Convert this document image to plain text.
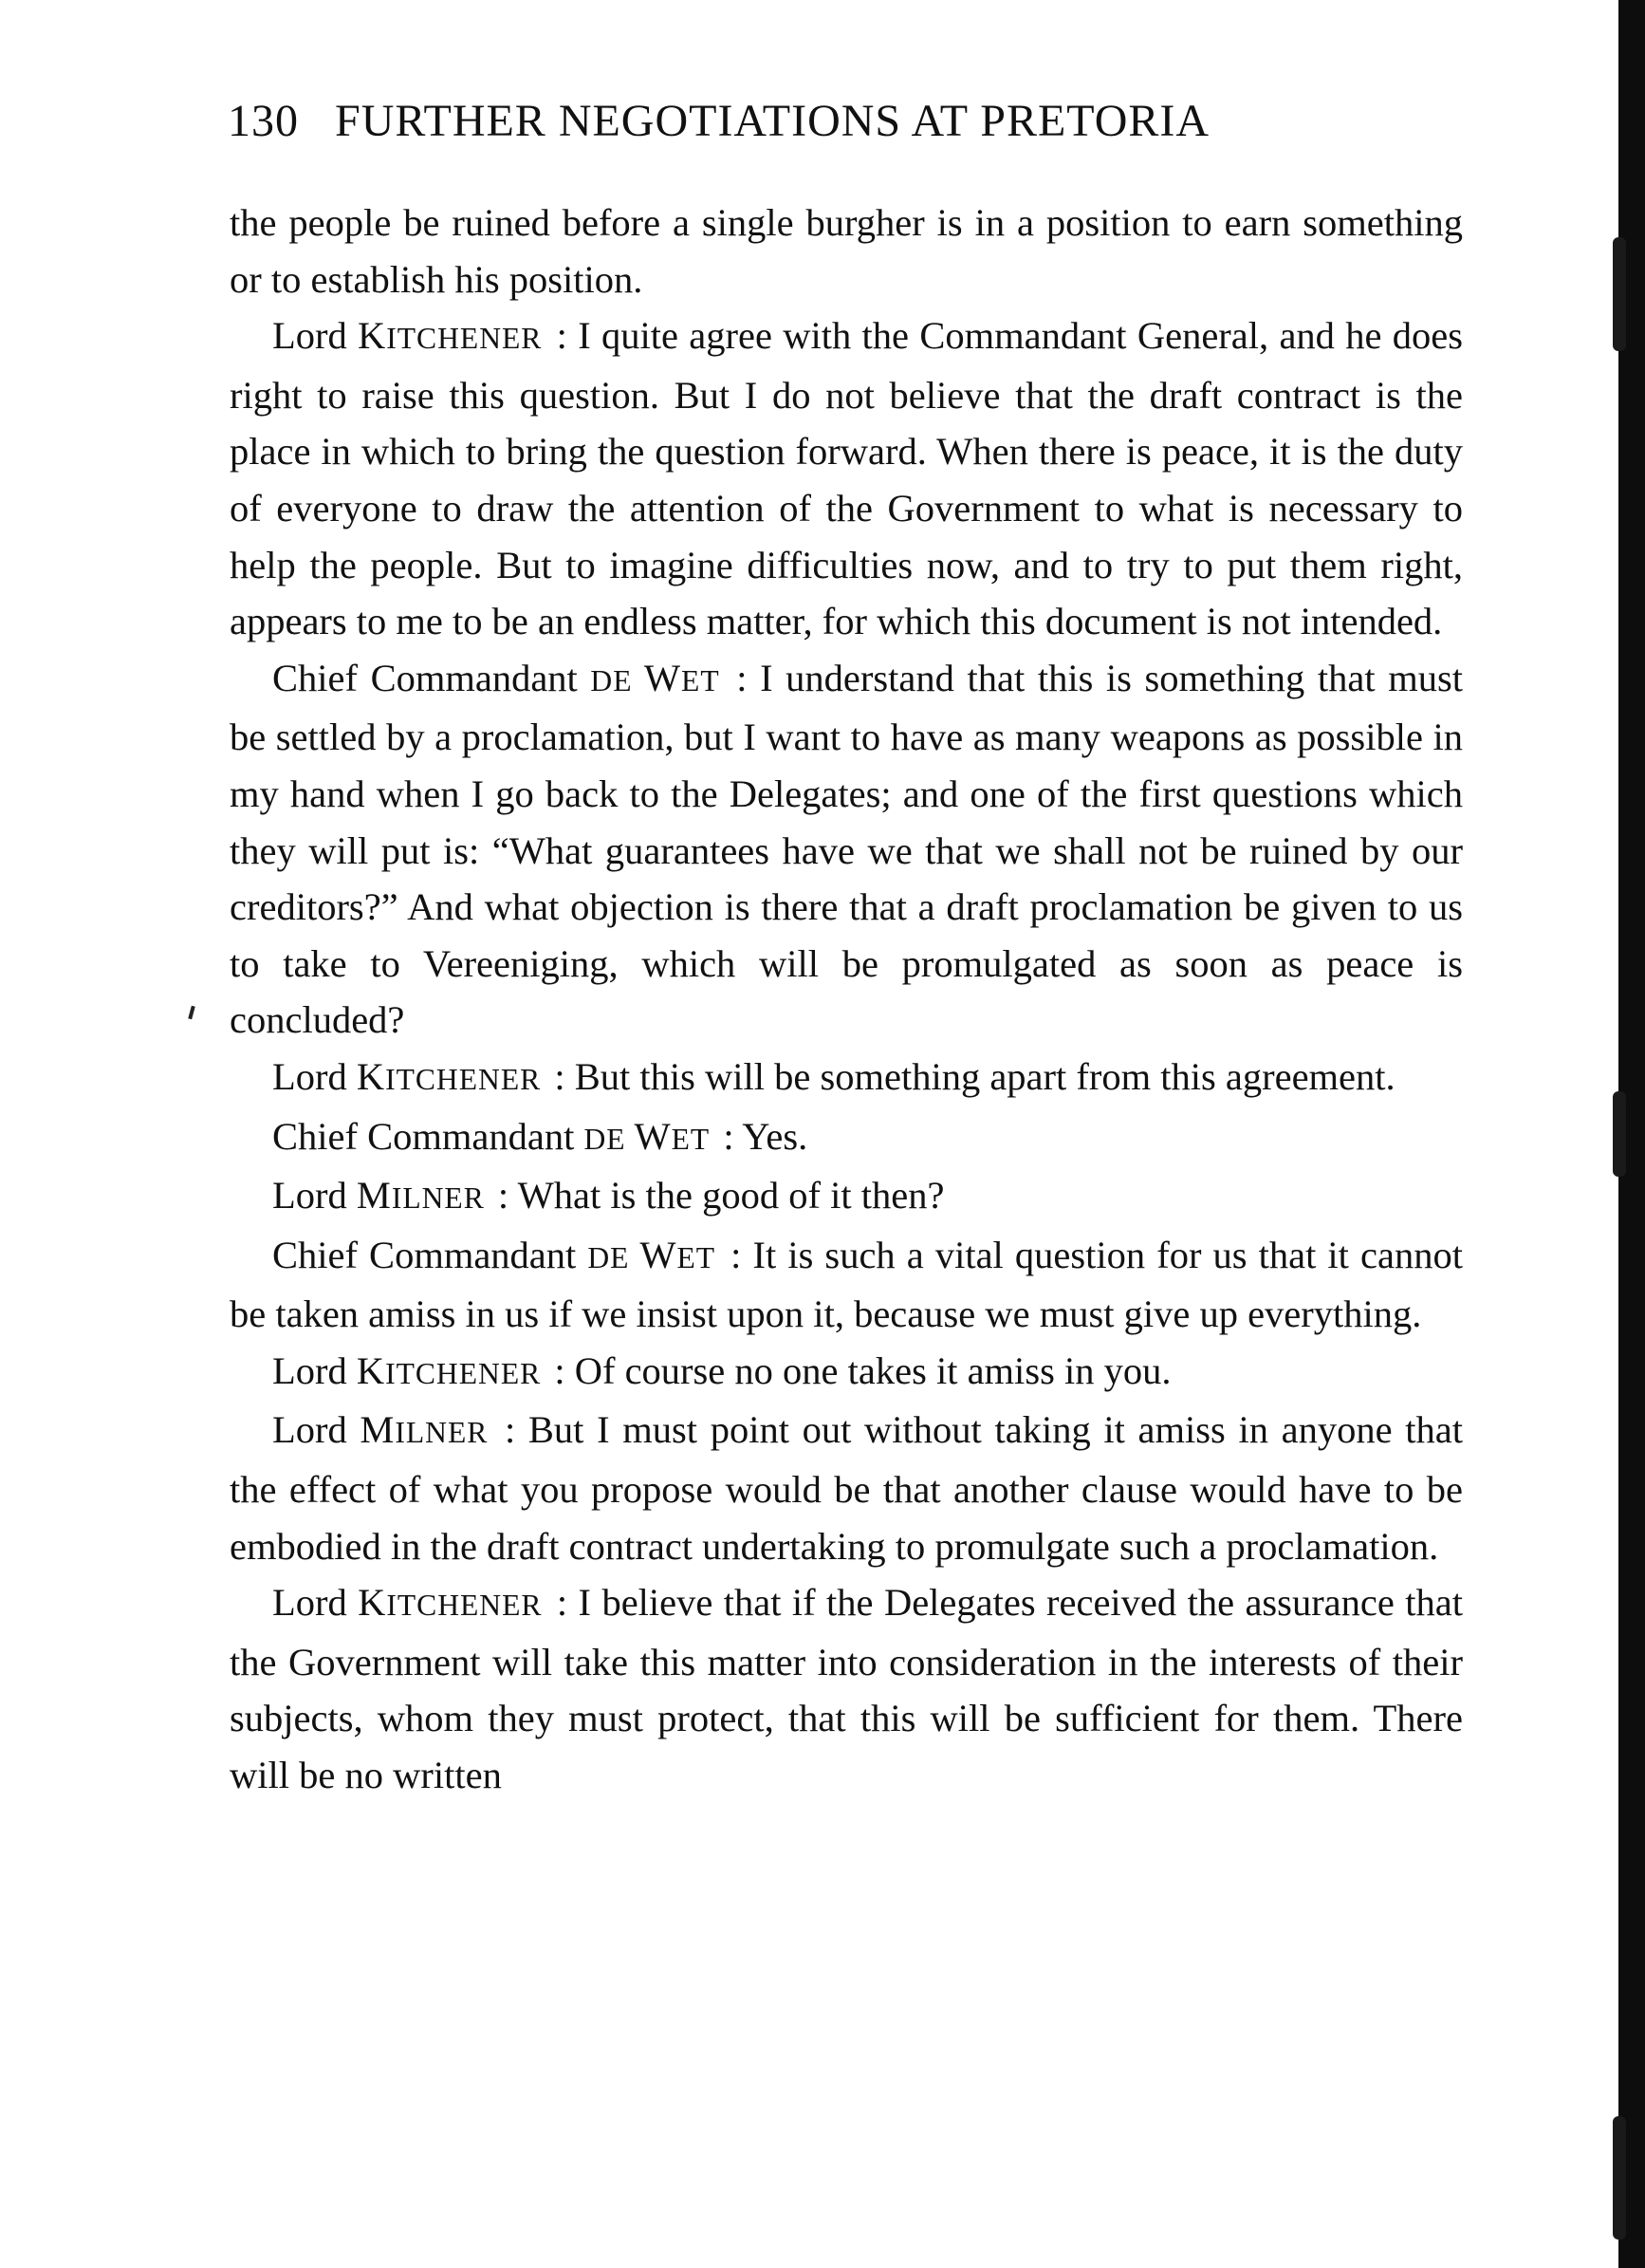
130 FURTHER NEGOTIATIONS AT PRETORIA

the people be ruined before a single burgher is in a position to earn something or to establish his position.

Lord KITCHENER : I quite agree with the Commandant General, and he does right to raise this question. But I do not believe that the draft contract is the place in which to bring the question forward. When there is peace, it is the duty of everyone to draw the attention of the Government to what is necessary to help the people. But to imagine difficulties now, and to try to put them right, appears to me to be an endless matter, for which this document is not intended.

Chief Commandant DE WET : I understand that this is something that must be settled by a proclamation, but I want to have as many weapons as possible in my hand when I go back to the Delegates; and one of the first questions which they will put is: “What guarantees have we that we shall not be ruined by our creditors?” And what objection is there that a draft proclamation be given to us to take to Vereeniging, which will be promulgated as soon as peace is concluded?

Lord KITCHENER : But this will be something apart from this agreement.

Chief Commandant DE WET : Yes.

Lord MILNER : What is the good of it then?

Chief Commandant DE WET : It is such a vital question for us that it cannot be taken amiss in us if we insist upon it, because we must give up everything.

Lord KITCHENER : Of course no one takes it amiss in you.

Lord MILNER : But I must point out without taking it amiss in anyone that the effect of what you propose would be that another clause would have to be embodied in the draft contract undertaking to promulgate such a proclamation.

Lord KITCHENER : I believe that if the Delegates received the assurance that the Government will take this matter into consideration in the interests of their subjects, whom they must protect, that this will be sufficient for them. There will be no written
